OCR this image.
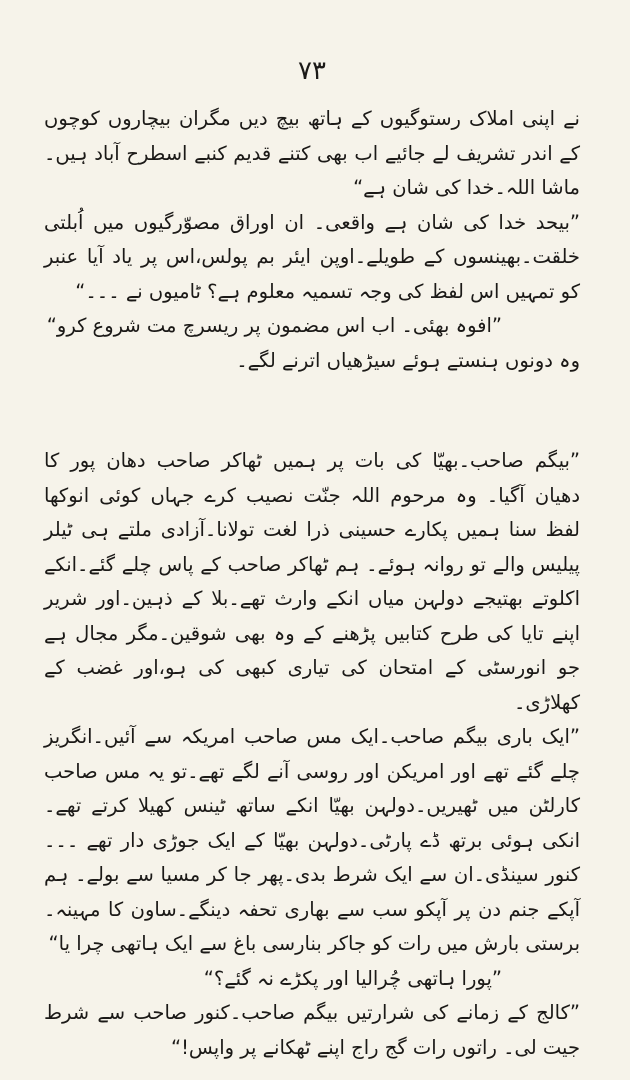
۷۳

نے اپنی املاک رستوگیوں کے ہاتھ بیچ دیں مگران بیچاروں کوچوں کے اندر تشریف لے جائیے اب بھی کتنے قدیم کنبے اسطرح آباد ہیں۔ ماشا اللہ۔خدا کی شان ہے“

”بیحد خدا کی شان ہے واقعی۔ ان اوراق مصوّرگیوں میں اُبلتی خلقت۔بھینسوں کے طویلے۔اوپن ایئر بم پولس،اس پر یاد آیا عنبر کو تمہیں اس لفظ کی وجہ تسمیہ معلوم ہے؟ ٹامیوں نے ۔۔۔“

”افوہ بھئی۔ اب اس مضمون پر ریسرچ مت شروع کرو“

وہ دونوں ہنستے ہوئے سیڑھیاں اترنے لگے۔

”بیگم صاحب۔بھیّا کی بات پر ہمیں ٹھاکر صاحب دھان پور کا دھیان آگیا۔ وہ مرحوم اللہ جنّت نصیب کرے جہاں کوئی انوکھا لفظ سنا ہمیں پکارے حسینی ذرا لغت تولانا۔آزادی ملتے ہی ٹیلر پیلیس والے تو روانہ ہوئے۔ ہم ٹھاکر صاحب کے پاس چلے گئے۔انکے اکلوتے بھتیجے دولہن میاں انکے وارث تھے۔بلا کے ذہین۔اور شریر اپنے تایا کی طرح کتابیں پڑھنے کے وہ بھی شوقین۔مگر مجال ہے جو انورسٹی کے امتحان کی تیاری کبھی کی ہو،اور غضب کے کھلاڑی۔

”ایک باری بیگم صاحب۔ایک مس صاحب امریکہ سے آئیں۔انگریز چلے گئے تھے اور امریکن اور روسی آنے لگے تھے۔تو یہ مس صاحب کارلٹن میں ٹھیریں۔دولہن بھیّا انکے ساتھ ٹینس کھیلا کرتے تھے۔انکی ہوئی برتھ ڈے پارٹی۔دولہن بھیّا کے ایک جوڑی دار تھے ۔۔۔ کنور سینڈی۔ان سے ایک شرط بدی۔پھر جا کر مسیا سے بولے۔ ہم آپکے جنم دن پر آپکو سب سے بھاری تحفہ دینگے۔ساون کا مہینہ۔برستی بارش میں رات کو جاکر بنارسی باغ سے ایک ہاتھی چرا یا“

”پورا ہاتھی چُرالیا اور پکڑے نہ گئے؟“

”کالج کے زمانے کی شرارتیں بیگم صاحب۔کنور صاحب سے شرط جیت لی۔ راتوں رات گج راج اپنے ٹھکانے پر واپس!“
